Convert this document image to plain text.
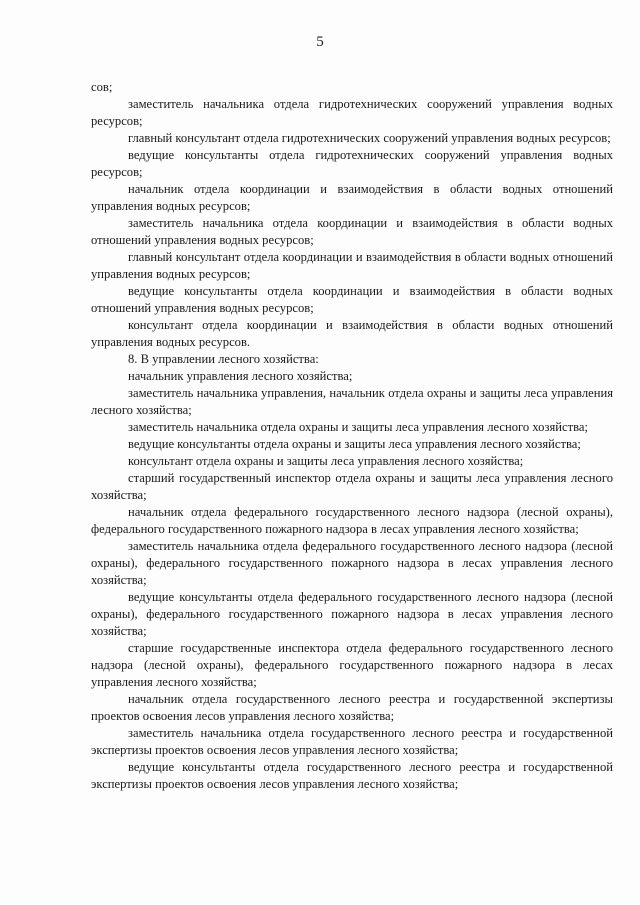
5

сов;

заместитель начальника отдела гидротехнических сооружений управления водных ресурсов;

главный консультант отдела гидротехнических сооружений управления водных ресурсов;

ведущие консультанты отдела гидротехнических сооружений управления водных ресурсов;

начальник отдела координации и взаимодействия в области водных отношений управления водных ресурсов;

заместитель начальника отдела координации и взаимодействия в области водных отношений управления водных ресурсов;

главный консультант отдела координации и взаимодействия в области водных отношений управления водных ресурсов;

ведущие консультанты отдела координации и взаимодействия в области водных отношений управления водных ресурсов;

консультант отдела координации и взаимодействия в области водных отношений управления водных ресурсов.

8. В управлении лесного хозяйства:

начальник управления лесного хозяйства;

заместитель начальника управления, начальник отдела охраны и защиты леса управления лесного хозяйства;

заместитель начальника отдела охраны и защиты леса управления лесного хозяйства;

ведущие консультанты отдела охраны и защиты леса управления лесного хозяйства;

консультант отдела охраны и защиты леса управления лесного хозяйства;

старший государственный инспектор отдела охраны и защиты леса управления лесного хозяйства;

начальник отдела федерального государственного лесного надзора (лесной охраны), федерального государственного пожарного надзора в лесах управления лесного хозяйства;

заместитель начальника отдела федерального государственного лесного надзора (лесной охраны), федерального государственного пожарного надзора в лесах управления лесного хозяйства;

ведущие консультанты отдела федерального государственного лесного надзора (лесной охраны), федерального государственного пожарного надзора в лесах управления лесного хозяйства;

старшие государственные инспектора отдела федерального государственного лесного надзора (лесной охраны), федерального государственного пожарного надзора в лесах управления лесного хозяйства;

начальник отдела государственного лесного реестра и государственной экспертизы проектов освоения лесов управления лесного хозяйства;

заместитель начальника отдела государственного лесного реестра и государственной экспертизы проектов освоения лесов управления лесного хозяйства;

ведущие консультанты отдела государственного лесного реестра и государственной экспертизы проектов освоения лесов управления лесного хозяйства;
